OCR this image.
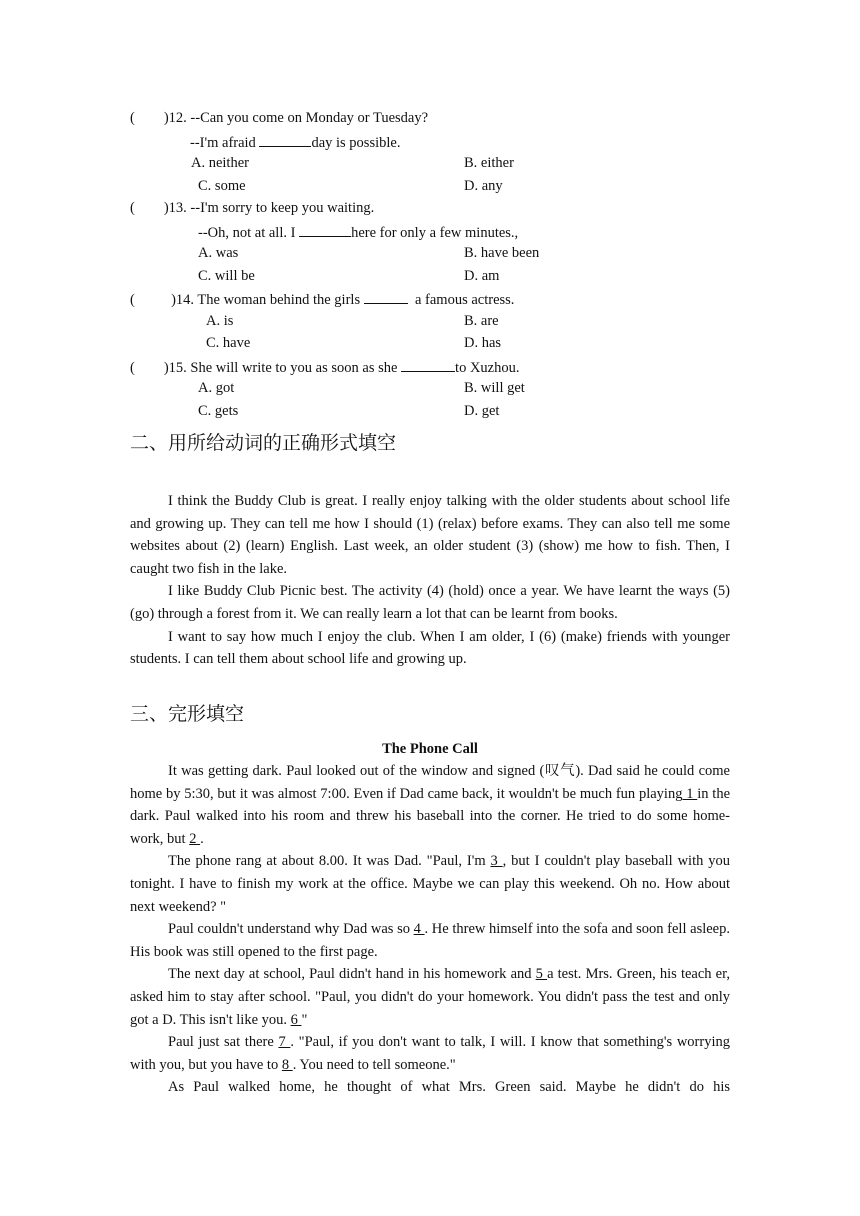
(        )12. --Can you come on Monday or Tuesday?
--I'm afraid	day is possible.
A. neither	B. either
C. some	D. any
(        )13. --I'm sorry to keep you waiting.
--Oh, not at all. I	here for only a few minutes.,
A. was	B. have been
C. will be	D. am
(          )14. The woman behind the girls	a famous actress.
A. is	B. are
C. have	D. has
(        )15. She will write to you as soon as she	to Xuzhou.
A. got	B. will get
C. gets	D. get
二、用所给动词的正确形式填空

I think the Buddy Club is great. I really enjoy talking with the older students about school life and growing up. They can tell me how I should (1) (relax) before exams. They can also tell me some websites about (2) (learn) English. Last week, an older student (3) (show) me how to fish. Then, I caught two fish in the lake.

I like Buddy Club Picnic best. The activity (4) (hold) once a year. We have learnt the ways (5) (go) through a forest from it. We can really learn a lot that can be learnt from books.

I want to say how much I enjoy the club. When I am older, I (6) (make) friends with younger students. I can tell them about school life and growing up.

三、完形填空
The Phone Call

It was getting dark. Paul looked out of the window and signed (叹气). Dad said he could come home by 5:30, but it was almost 7:00. Even if Dad came back, it wouldn't be much fun playing 1 in the dark. Paul walked into his room and threw his baseball into the corner. He tried to do some home- work, but 2 .

The phone rang at about 8.00. It was Dad. "Paul, I'm 3 , but I couldn't play baseball with you tonight. I have to finish my work at the office. Maybe we can play this weekend. Oh no. How about next weekend? "

Paul couldn't understand why Dad was so 4 . He threw himself into the sofa and soon fell asleep. His book was still opened to the first page.

The next day at school, Paul didn't hand in his homework and 5 a test. Mrs. Green, his teach er, asked him to stay after school. "Paul, you didn't do your homework. You didn't pass the test and only got a D. This isn't like you. 6 "

Paul just sat there 7 . "Paul, if you don't want to talk, I will. I know that something's worrying with you, but you have to 8 . You need to tell someone."

As Paul walked home, he thought of what Mrs. Green said. Maybe he didn't do his
